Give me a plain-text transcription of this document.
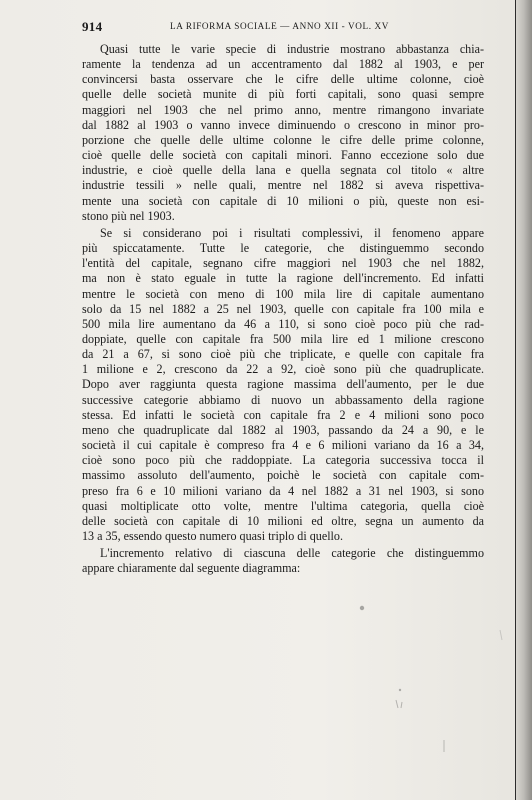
914	LA RIFORMA SOCIALE — ANNO XII - VOL. XV
Quasi tutte le varie specie di industrie mostrano abbastanza chia-
ramente la tendenza ad un accentramento dal 1882 al 1903, e per
convincersi basta osservare che le cifre delle ultime colonne, cioè
quelle delle società munite di più forti capitali, sono quasi sempre
maggiori nel 1903 che nel primo anno, mentre rimangono invariate
dal 1882 al 1903 o vanno invece diminuendo o crescono in minor pro-
porzione che quelle delle ultime colonne le cifre delle prime colonne,
cioè quelle delle società con capitali minori. Fanno eccezione solo due
industrie, e cioè quelle della lana e quella segnata col titolo « altre
industrie tessili » nelle quali, mentre nel 1882 si aveva rispettiva-
mente una società con capitale di 10 milioni o più, queste non esi-
stono più nel 1903.
Se si considerano poi i risultati complessivi, il fenomeno appare
più spiccatamente. Tutte le categorie, che distinguemmo secondo
l'entità del capitale, segnano cifre maggiori nel 1903 che nel 1882,
ma non è stato eguale in tutte la ragione dell'incremento. Ed infatti
mentre le società con meno di 100 mila lire di capitale aumentano
solo da 15 nel 1882 a 25 nel 1903, quelle con capitale fra 100 mila e
500 mila lire aumentano da 46 a 110, si sono cioè poco più che rad-
doppiate, quelle con capitale fra 500 mila lire ed 1 milione crescono
da 21 a 67, si sono cioè più che triplicate, e quelle con capitale fra
1 milione e 2, crescono da 22 a 92, cioè sono più che quadruplicate.
Dopo aver raggiunta questa ragione massima dell'aumento, per le due
successive categorie abbiamo di nuovo un abbassamento della ragione
stessa. Ed infatti le società con capitale fra 2 e 4 milioni sono poco
meno che quadruplicate dal 1882 al 1903, passando da 24 a 90, e le
società il cui capitale è compreso fra 4 e 6 milioni variano da 16 a 34,
cioè sono poco più che raddoppiate. La categoria successiva tocca il
massimo assoluto dell'aumento, poichè le società con capitale com-
preso fra 6 e 10 milioni variano da 4 nel 1882 a 31 nel 1903, si sono
quasi moltiplicate otto volte, mentre l'ultima categoria, quella cioè
delle società con capitale di 10 milioni ed oltre, segna un aumento da
13 a 35, essendo questo numero quasi triplo di quello.
L'incremento relativo di ciascuna delle categorie che distinguemmo
appare chiaramente dal seguente diagramma:
